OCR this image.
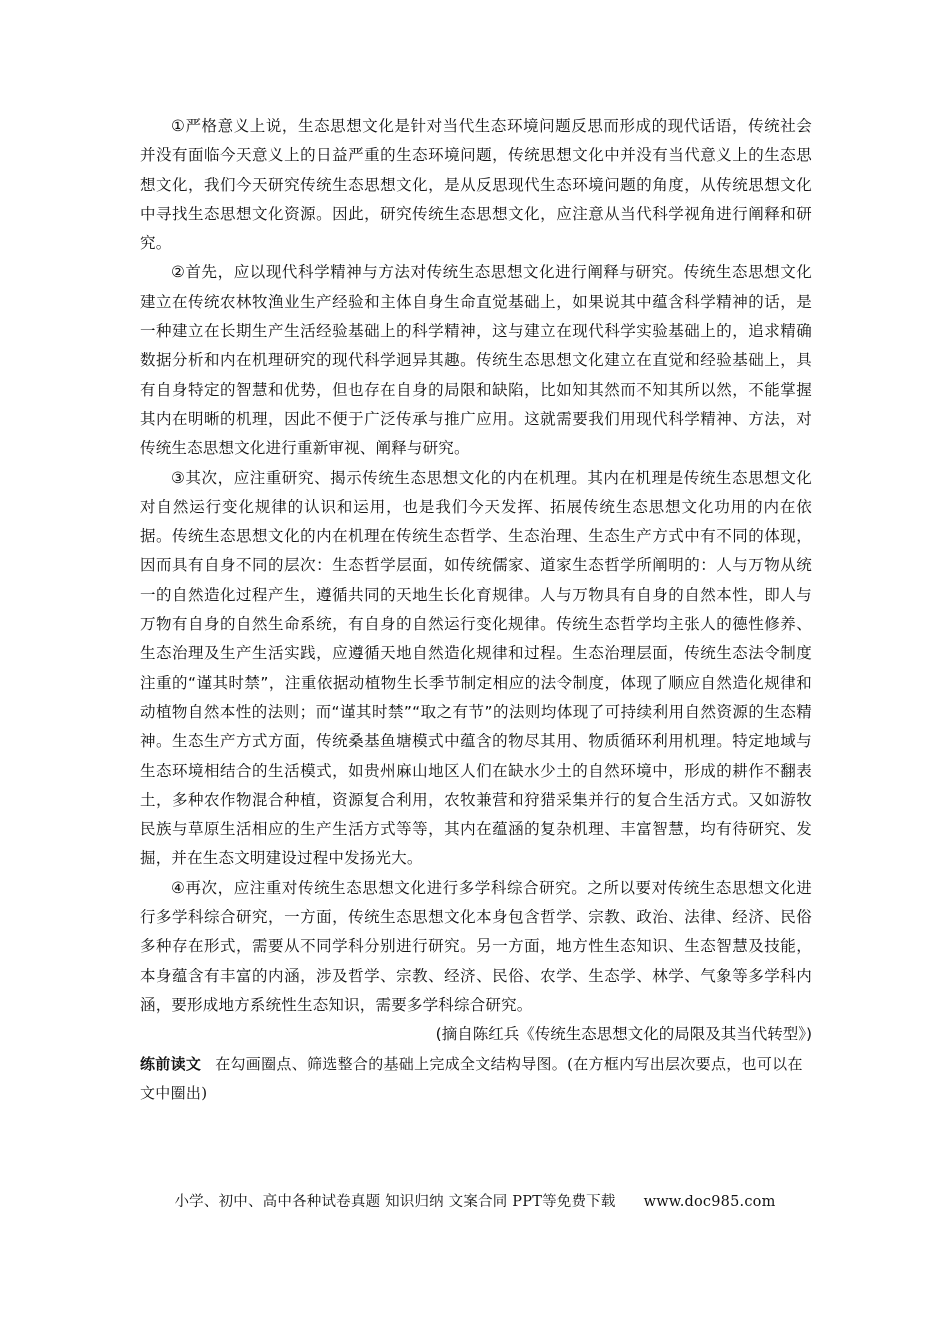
①严格意义上说，生态思想文化是针对当代生态环境问题反思而形成的现代话语，传统社会并没有面临今天意义上的日益严重的生态环境问题，传统思想文化中并没有当代意义上的生态思想文化，我们今天研究传统生态思想文化，是从反思现代生态环境问题的角度，从传统思想文化中寻找生态思想文化资源。因此，研究传统生态思想文化，应注意从当代科学视角进行阐释和研究。

②首先，应以现代科学精神与方法对传统生态思想文化进行阐释与研究。传统生态思想文化建立在传统农林牧渔业生产经验和主体自身生命直觉基础上，如果说其中蕴含科学精神的话，是一种建立在长期生产生活经验基础上的科学精神，这与建立在现代科学实验基础上的，追求精确数据分析和内在机理研究的现代科学迥异其趣。传统生态思想文化建立在直觉和经验基础上，具有自身特定的智慧和优势，但也存在自身的局限和缺陷，比如知其然而不知其所以然，不能掌握其内在明晰的机理，因此不便于广泛传承与推广应用。这就需要我们用现代科学精神、方法，对传统生态思想文化进行重新审视、阐释与研究。

③其次，应注重研究、揭示传统生态思想文化的内在机理。其内在机理是传统生态思想文化对自然运行变化规律的认识和运用，也是我们今天发挥、拓展传统生态思想文化功用的内在依据。传统生态思想文化的内在机理在传统生态哲学、生态治理、生态生产方式中有不同的体现，因而具有自身不同的层次：生态哲学层面，如传统儒家、道家生态哲学所阐明的：人与万物从统一的自然造化过程产生，遵循共同的天地生长化育规律。人与万物具有自身的自然本性，即人与万物有自身的自然生命系统，有自身的自然运行变化规律。传统生态哲学均主张人的德性修养、生态治理及生产生活实践，应遵循天地自然造化规律和过程。生态治理层面，传统生态法令制度注重的“谨其时禁”，注重依据动植物生长季节制定相应的法令制度，体现了顺应自然造化规律和动植物自然本性的法则；而“谨其时禁”“取之有节”的法则均体现了可持续利用自然资源的生态精神。生态生产方式方面，传统桑基鱼塘模式中蕴含的物尽其用、物质循环利用机理。特定地域与生态环境相结合的生活模式，如贵州麻山地区人们在缺水少土的自然环境中，形成的耕作不翻表土，多种农作物混合种植，资源复合利用，农牧兼营和狩猎采集并行的复合生活方式。又如游牧民族与草原生活相应的生产生活方式等等，其内在蕴涵的复杂机理、丰富智慧，均有待研究、发掘，并在生态文明建设过程中发扬光大。

④再次，应注重对传统生态思想文化进行多学科综合研究。之所以要对传统生态思想文化进行多学科综合研究，一方面，传统生态思想文化本身包含哲学、宗教、政治、法律、经济、民俗多种存在形式，需要从不同学科分别进行研究。另一方面，地方性生态知识、生态智慧及技能，本身蕴含有丰富的内涵，涉及哲学、宗教、经济、民俗、农学、生态学、林学、气象等多学科内涵，要形成地方系统性生态知识，需要多学科综合研究。

(摘自陈红兵《传统生态思想文化的局限及其当代转型》)

练前读文 在勾画圈点、筛选整合的基础上完成全文结构导图。(在方框内写出层次要点，也可以在文中圈出)

小学、初中、高中各种试卷真题 知识归纳 文案合同 PPT等免费下载 www.doc985.com
